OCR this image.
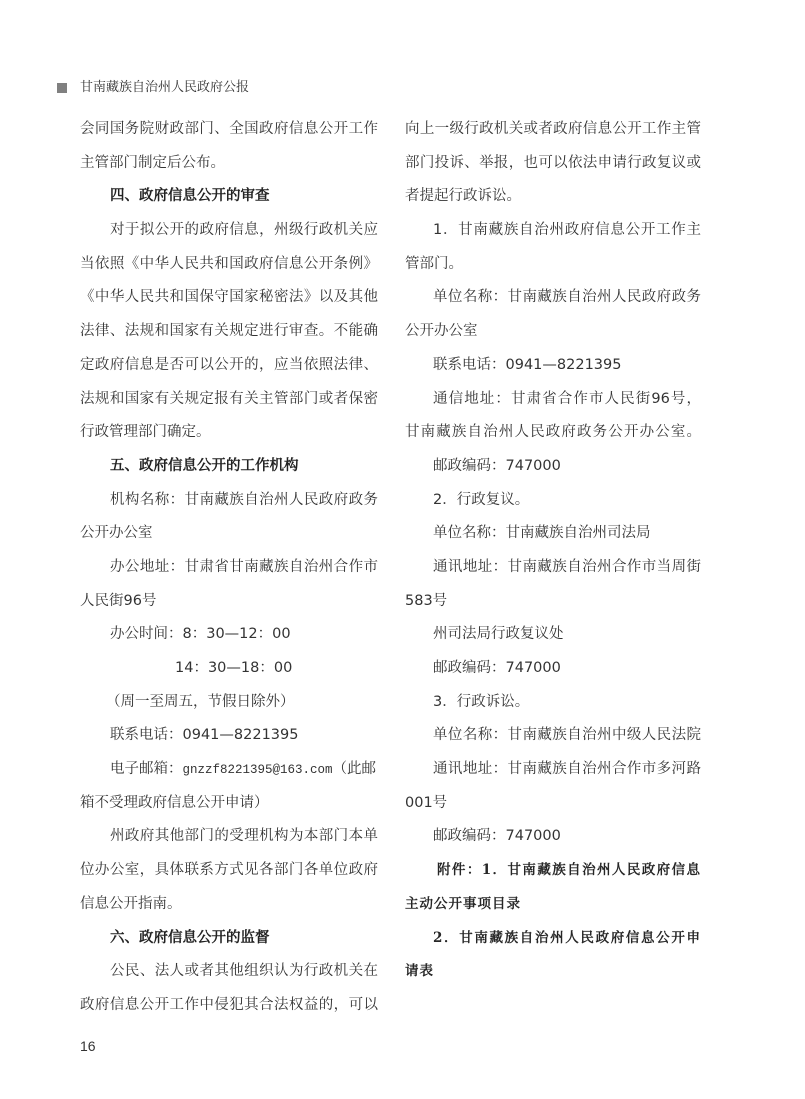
甘南藏族自治州人民政府公报
会同国务院财政部门、全国政府信息公开工作
主管部门制定后公布。
四、政府信息公开的审查
对于拟公开的政府信息，州级行政机关应
当依照《中华人民共和国政府信息公开条例》
《中华人民共和国保守国家秘密法》以及其他
法律、法规和国家有关规定进行审查。不能确
定政府信息是否可以公开的，应当依照法律、
法规和国家有关规定报有关主管部门或者保密
行政管理部门确定。
五、政府信息公开的工作机构
机构名称：甘南藏族自治州人民政府政务
公开办公室
办公地址：甘肃省甘南藏族自治州合作市
人民街96号
办公时间：8：30—12：00
14：30—18：00
（周一至周五，节假日除外）
联系电话：0941—8221395
电子邮箱：gnzzf8221395@163.com（此邮
箱不受理政府信息公开申请）
州政府其他部门的受理机构为本部门本单
位办公室，具体联系方式见各部门各单位政府
信息公开指南。
六、政府信息公开的监督
公民、法人或者其他组织认为行政机关在
政府信息公开工作中侵犯其合法权益的，可以
向上一级行政机关或者政府信息公开工作主管
部门投诉、举报，也可以依法申请行政复议或
者提起行政诉讼。
1．甘南藏族自治州政府信息公开工作主
管部门。
单位名称：甘南藏族自治州人民政府政务
公开办公室
联系电话：0941—8221395
通信地址：甘肃省合作市人民街96号，
甘南藏族自治州人民政府政务公开办公室。
邮政编码：747000
2．行政复议。
单位名称：甘南藏族自治州司法局
通讯地址：甘南藏族自治州合作市当周街
583号
州司法局行政复议处
邮政编码：747000
3．行政诉讼。
单位名称：甘南藏族自治州中级人民法院
通讯地址：甘南藏族自治州合作市多河路
001号
邮政编码：747000
附件：1．甘南藏族自治州人民政府信息
主动公开事项目录
2．甘南藏族自治州人民政府信息公开申
请表
16
